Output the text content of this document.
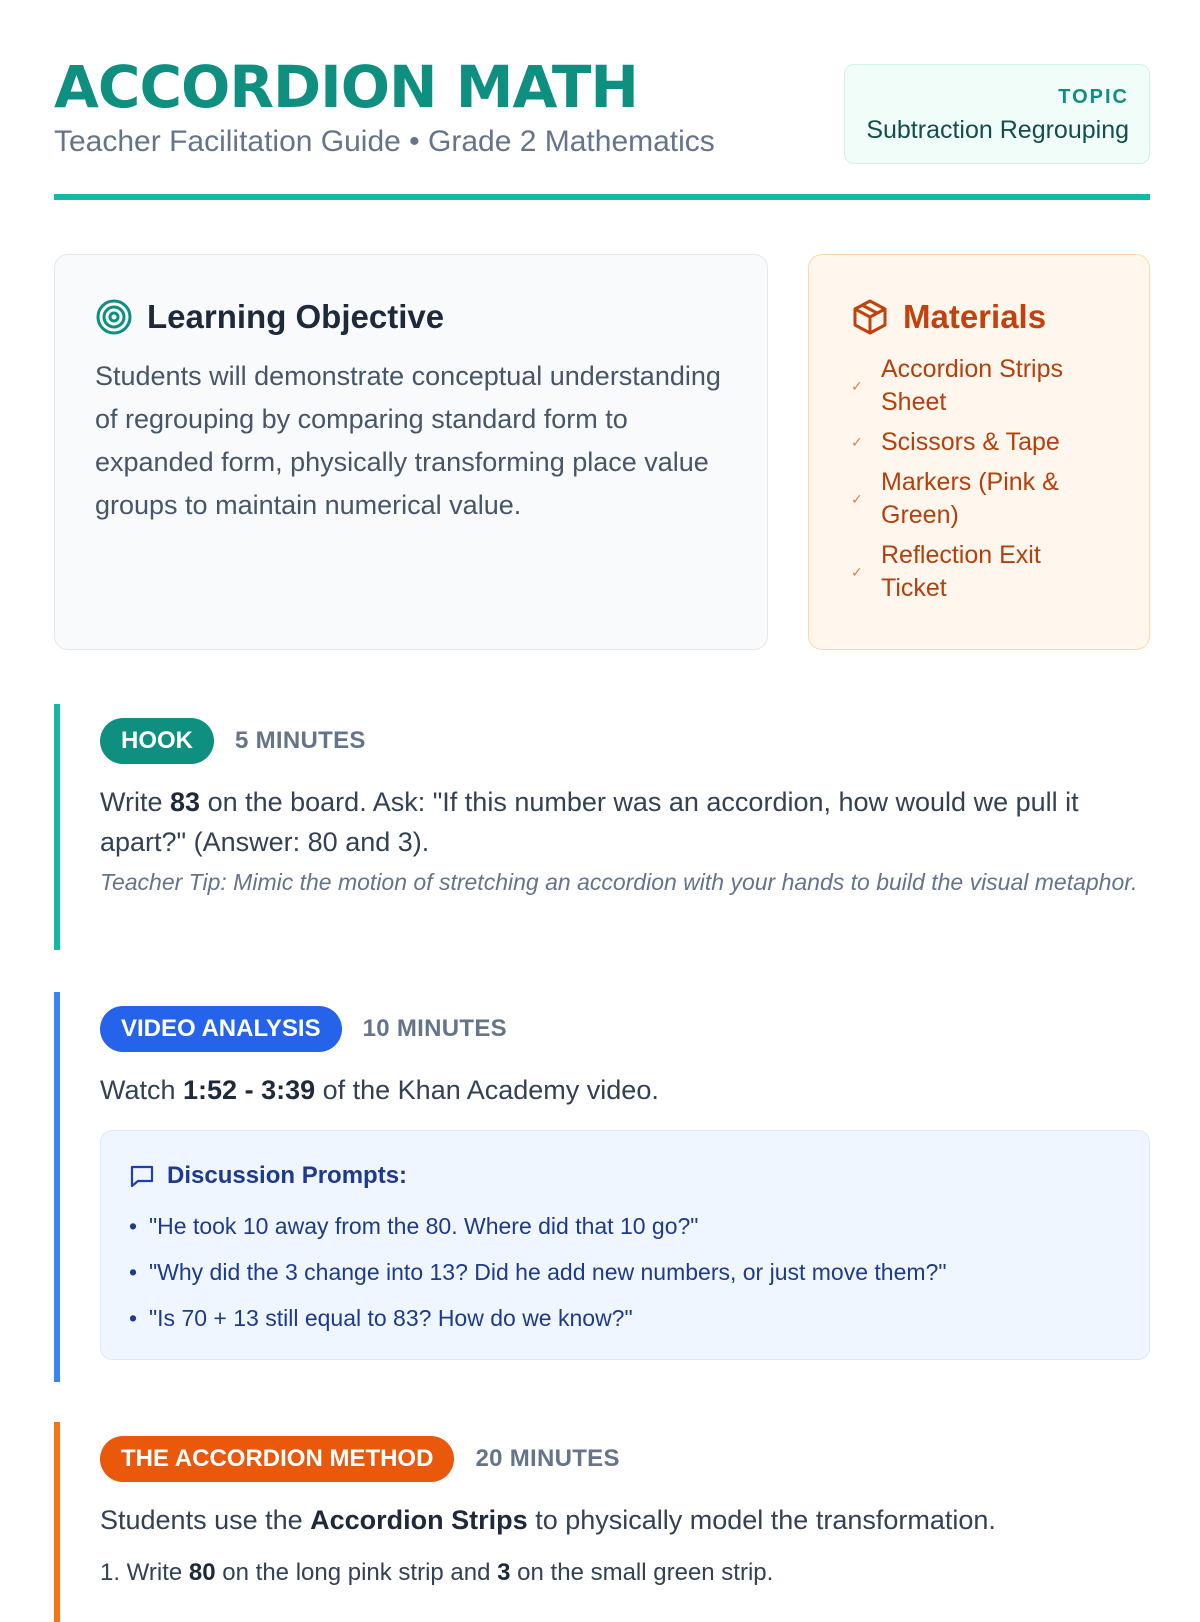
ACCORDION MATH
Teacher Facilitation Guide • Grade 2 Mathematics
TOPIC
Subtraction Regrouping
Learning Objective
Students will demonstrate conceptual understanding of regrouping by comparing standard form to expanded form, physically transforming place value groups to maintain numerical value.
Materials
✓
Accordion Strips Sheet
✓ Scissors & Tape
✓
Markers (Pink & Green)
✓
Reflection Exit Ticket
HOOK	5 MINUTES
Write 83 on the board. Ask: "If this number was an accordion, how would we pull it apart?" (Answer: 80 and 3).
Teacher Tip: Mimic the motion of stretching an accordion with your hands to build the visual metaphor.
VIDEO ANALYSIS	10 MINUTES
Watch 1:52 - 3:39 of the Khan Academy video.
Discussion Prompts:
• "He took 10 away from the 80. Where did that 10 go?"
• "Why did the 3 change into 13? Did he add new numbers, or just move them?"
• "Is 70 + 13 still equal to 83? How do we know?"
THE ACCORDION METHOD	20 MINUTES
Students use the Accordion Strips to physically model the transformation.
1. Write 80 on the long pink strip and 3 on the small green strip.
